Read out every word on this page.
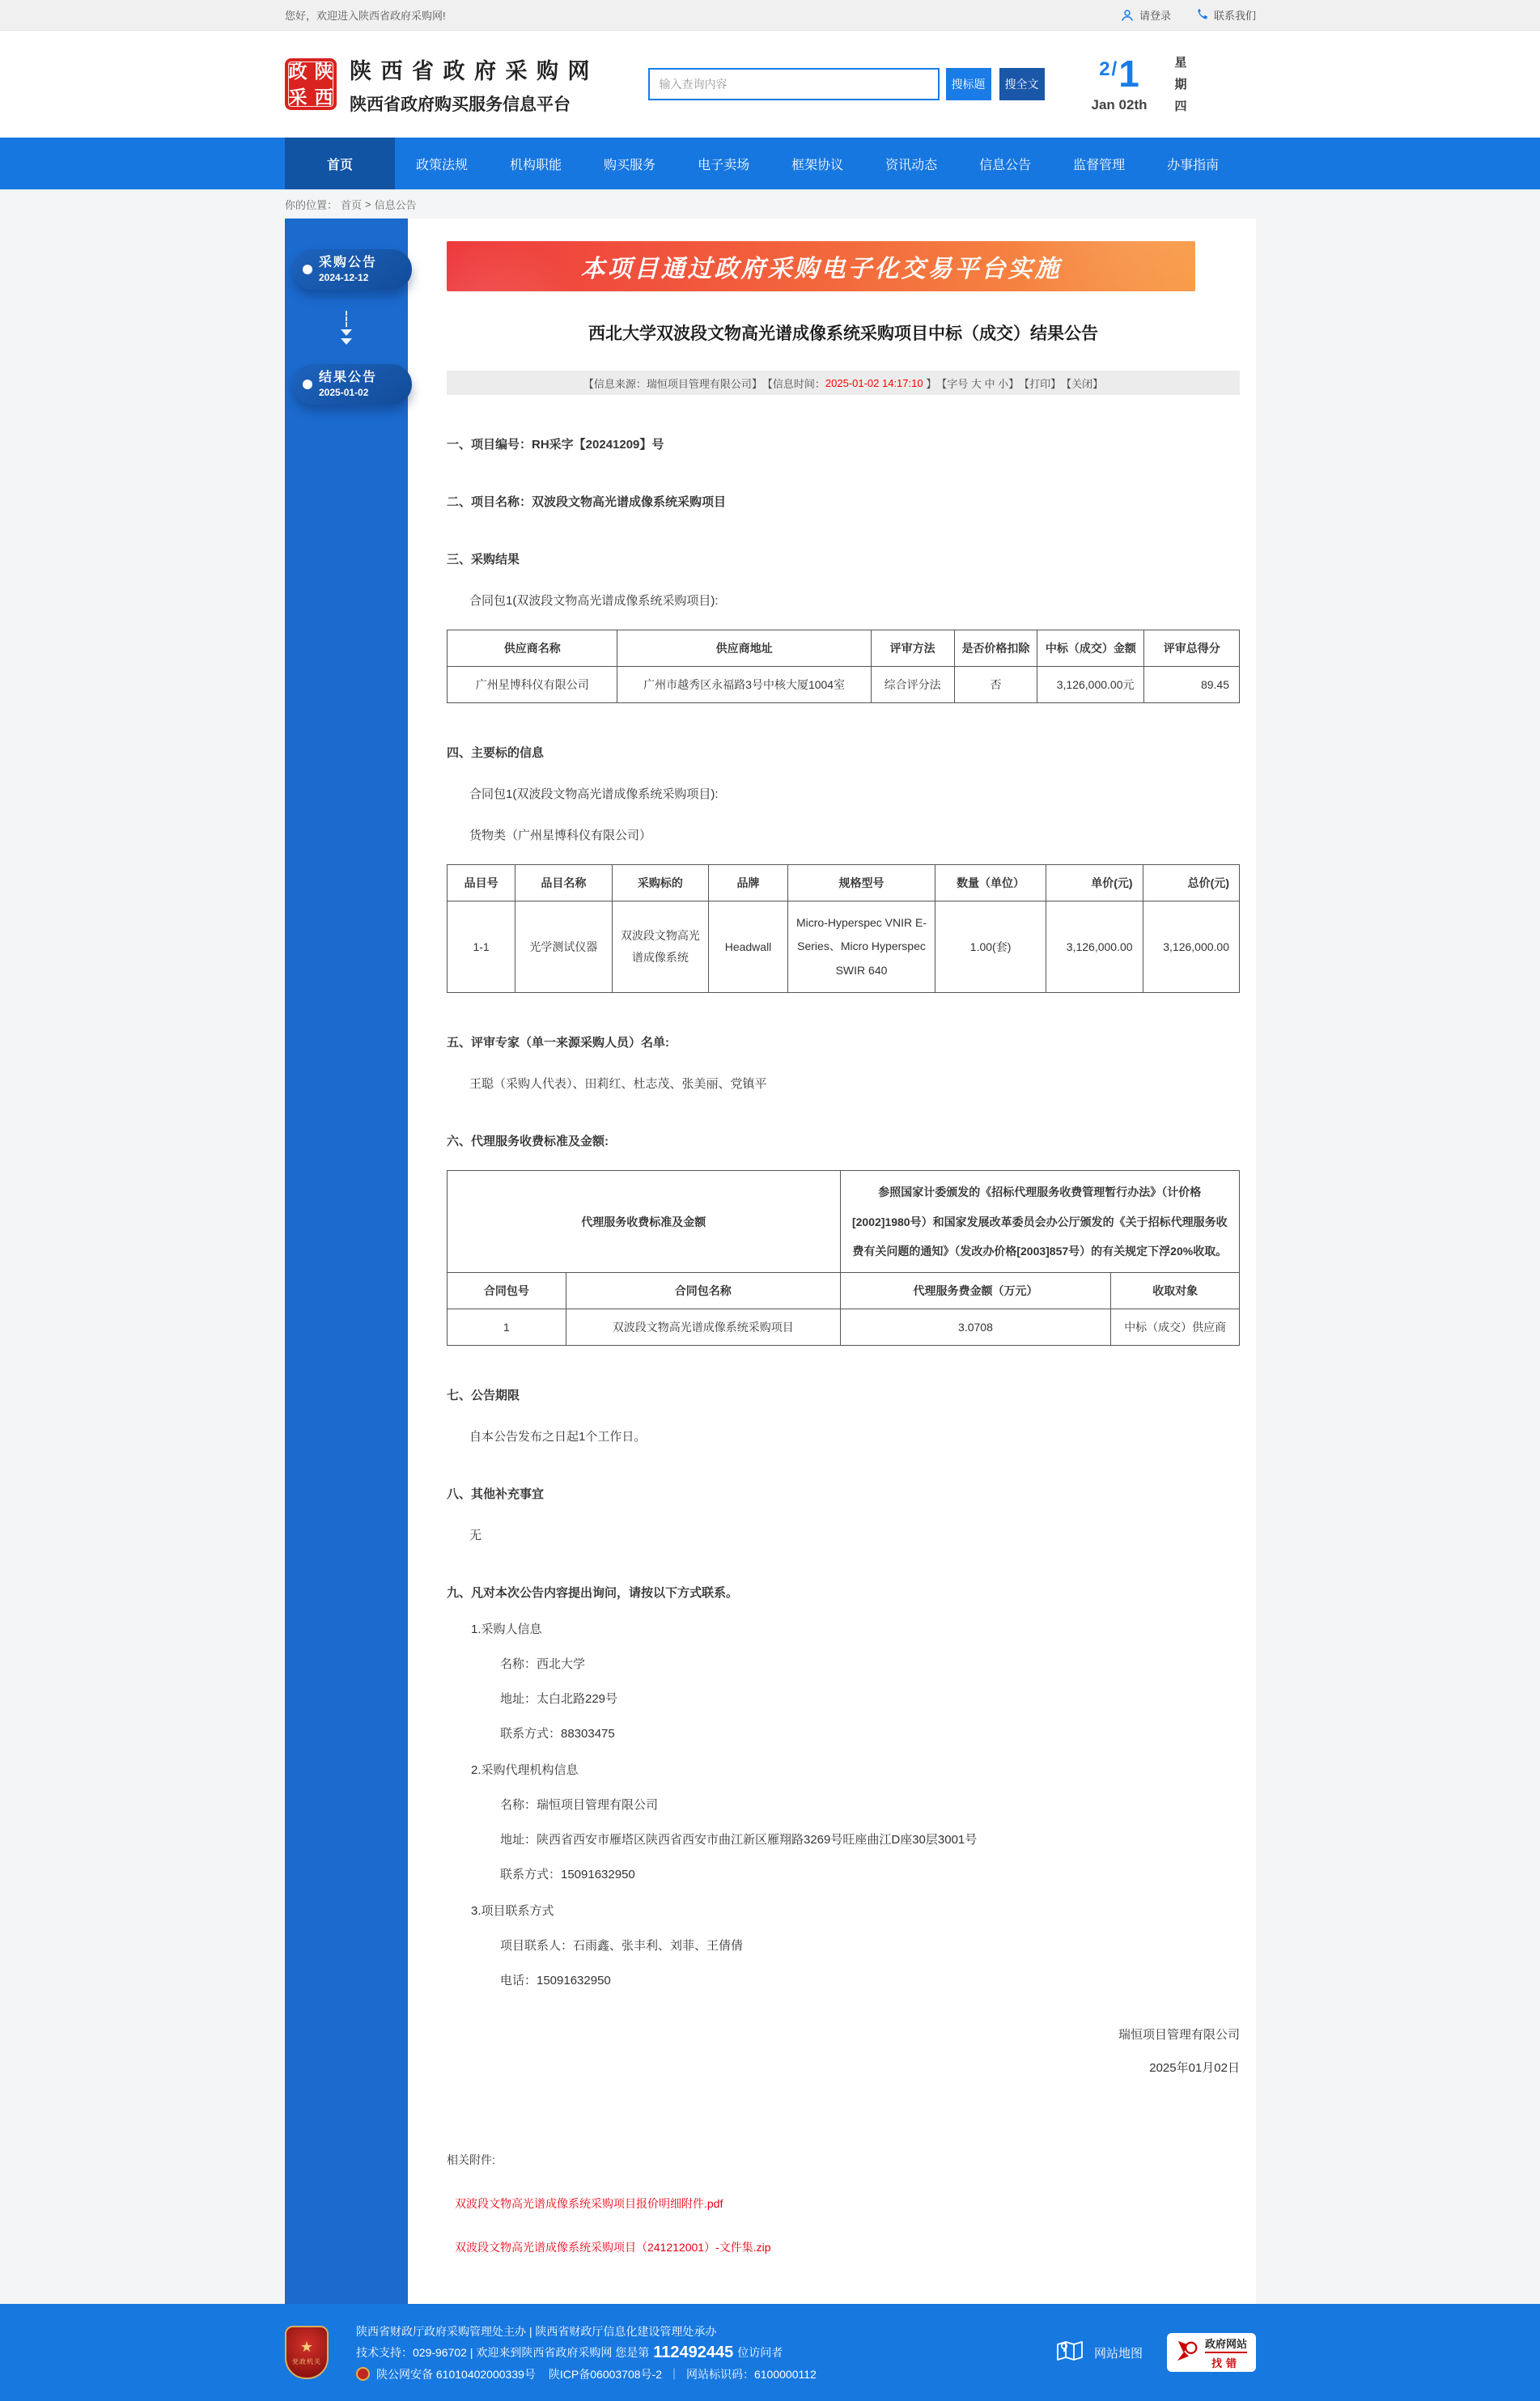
您好，欢迎进入陕西省政府采购网!	请登录	联系我们
政 陕
采 西
陕 西 省 政 府 采 购 网
陕西省政府购买服务信息平台
输入查询内容
搜标题	搜全文
2/1
Jan 02th
星
期
四
首页	政策法规	机构职能	购买服务	电子卖场	框架协议	资讯动态	信息公告	监督管理	办事指南
你的位置： 首页 > 信息公告
采购公告
2024-12-12
结果公告
2025-01-02
本项目通过政府采购电子化交易平台实施
西北大学双波段文物高光谱成像系统采购项目中标（成交）结果公告
【信息来源：瑞恒项目管理有限公司】 【信息时间： 2025-01-02 14:17:10 】 【字号 大 中 小 】 【打印】 【关闭】
一、项目编号：RH采字【20241209】号
二、项目名称：双波段文物高光谱成像系统采购项目
三、采购结果
合同包1(双波段文物高光谱成像系统采购项目):
供应商名称	供应商地址	评审方法	是否价格扣除	中标（成交）金额	评审总得分
广州星博科仪有限公司	广州市越秀区永福路3号中核大厦1004室	综合评分法	否	3,126,000.00元	89.45
四、主要标的信息
合同包1(双波段文物高光谱成像系统采购项目):
货物类（广州星博科仪有限公司）
品目号	品目名称	采购标的	品牌	规格型号	数量（单位）	单价(元)	总价(元)
1-1	光学测试仪器	双波段文物高光谱成像系统	Headwall	Micro-Hyperspec VNIR E-Series、Micro Hyperspec SWIR 640	1.00(套)	3,126,000.00	3,126,000.00
五、评审专家（单一来源采购人员）名单:
王聪（采购人代表）、田莉红、杜志茂、张美丽、党镇平
六、代理服务收费标准及金额:
代理服务收费标准及金额		参照国家计委颁发的《招标代理服务收费管理暂行办法》（计价格[2002]1980号）和国家发展改革委员会办公厅颁发的《关于招标代理服务收费有关问题的通知》（发改办价格[2003]857号）的有关规定下浮20%收取。	
合同包号	合同包名称	代理服务费金额（万元）	收取对象
1	双波段文物高光谱成像系统采购项目	3.0708	中标（成交）供应商
七、公告期限
自本公告发布之日起1个工作日。
八、其他补充事宜
无
九、凡对本次公告内容提出询问，请按以下方式联系。
1.采购人信息
名称：西北大学
地址：太白北路229号
联系方式：88303475
2.采购代理机构信息
名称：瑞恒项目管理有限公司
地址：陕西省西安市雁塔区陕西省西安市曲江新区雁翔路3269号旺座曲江D座30层3001号
联系方式：15091632950
3.项目联系方式
项目联系人：石雨鑫、张丰利、刘菲、王倩倩
电话：15091632950
瑞恒项目管理有限公司
2025年01月02日
相关附件:
双波段文物高光谱成像系统采购项目报价明细附件.pdf
双波段文物高光谱成像系统采购项目（241212001）-文件集.zip
★
党政机关
陕西省财政厅政府采购管理处主办 | 陕西省财政厅信息化建设管理处承办
技术支持：029-96702 | 欢迎来到陕西省政府采购网 您是第 112492445 位访问者
陕公网安备 61010402000339号 陕ICP备06003708号-2 ｜ 网站标识码：6100000112
网站地图
政府网站
找错
